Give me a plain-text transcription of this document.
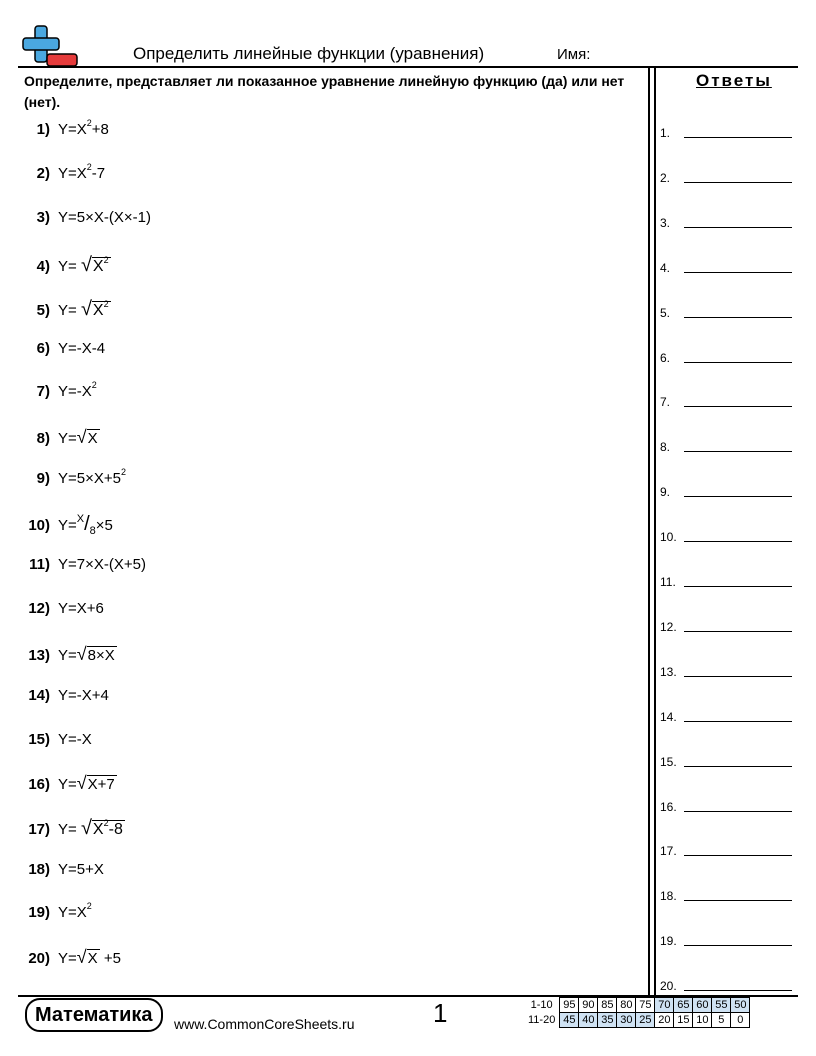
Определить линейные функции (уравнения)	Имя:
Определите, представляет ли показанное уравнение линейную функцию (да) или нет (нет).
Ответы
1) $Y=X^2+8$
2) $Y=X^2-7$
3) Y=5×X-(X×-1)
4) $Y= √X^2$
5) $Y= √X^2$
6) Y=-X-4
7) $Y=-X^2$
8) Y=√X
9) $Y=5\times X+5^2$
10) $Y=^X/_8\times 5$
11) Y=7×X-(X+5)
12) Y=X+6
13) Y=√8×X
14) Y=-X+4
15) Y=-X
16) Y=√X+7
17) $Y= √X^2-8$
18) Y=5+X
19) $Y=X^2$
20) Y=√X +5
1.
2.
3.
4.
5.
6.
7.
8.
9.
10.
11.
12.
13.
14.
15.
16.
17.
18.
19.
20.
Математика	www.CommonCoreSheets.ru	1	1-10	95	90	85	80	75	70	65	60	55	50
11-20	45	40	35	30	25	20	15	10	5	0
